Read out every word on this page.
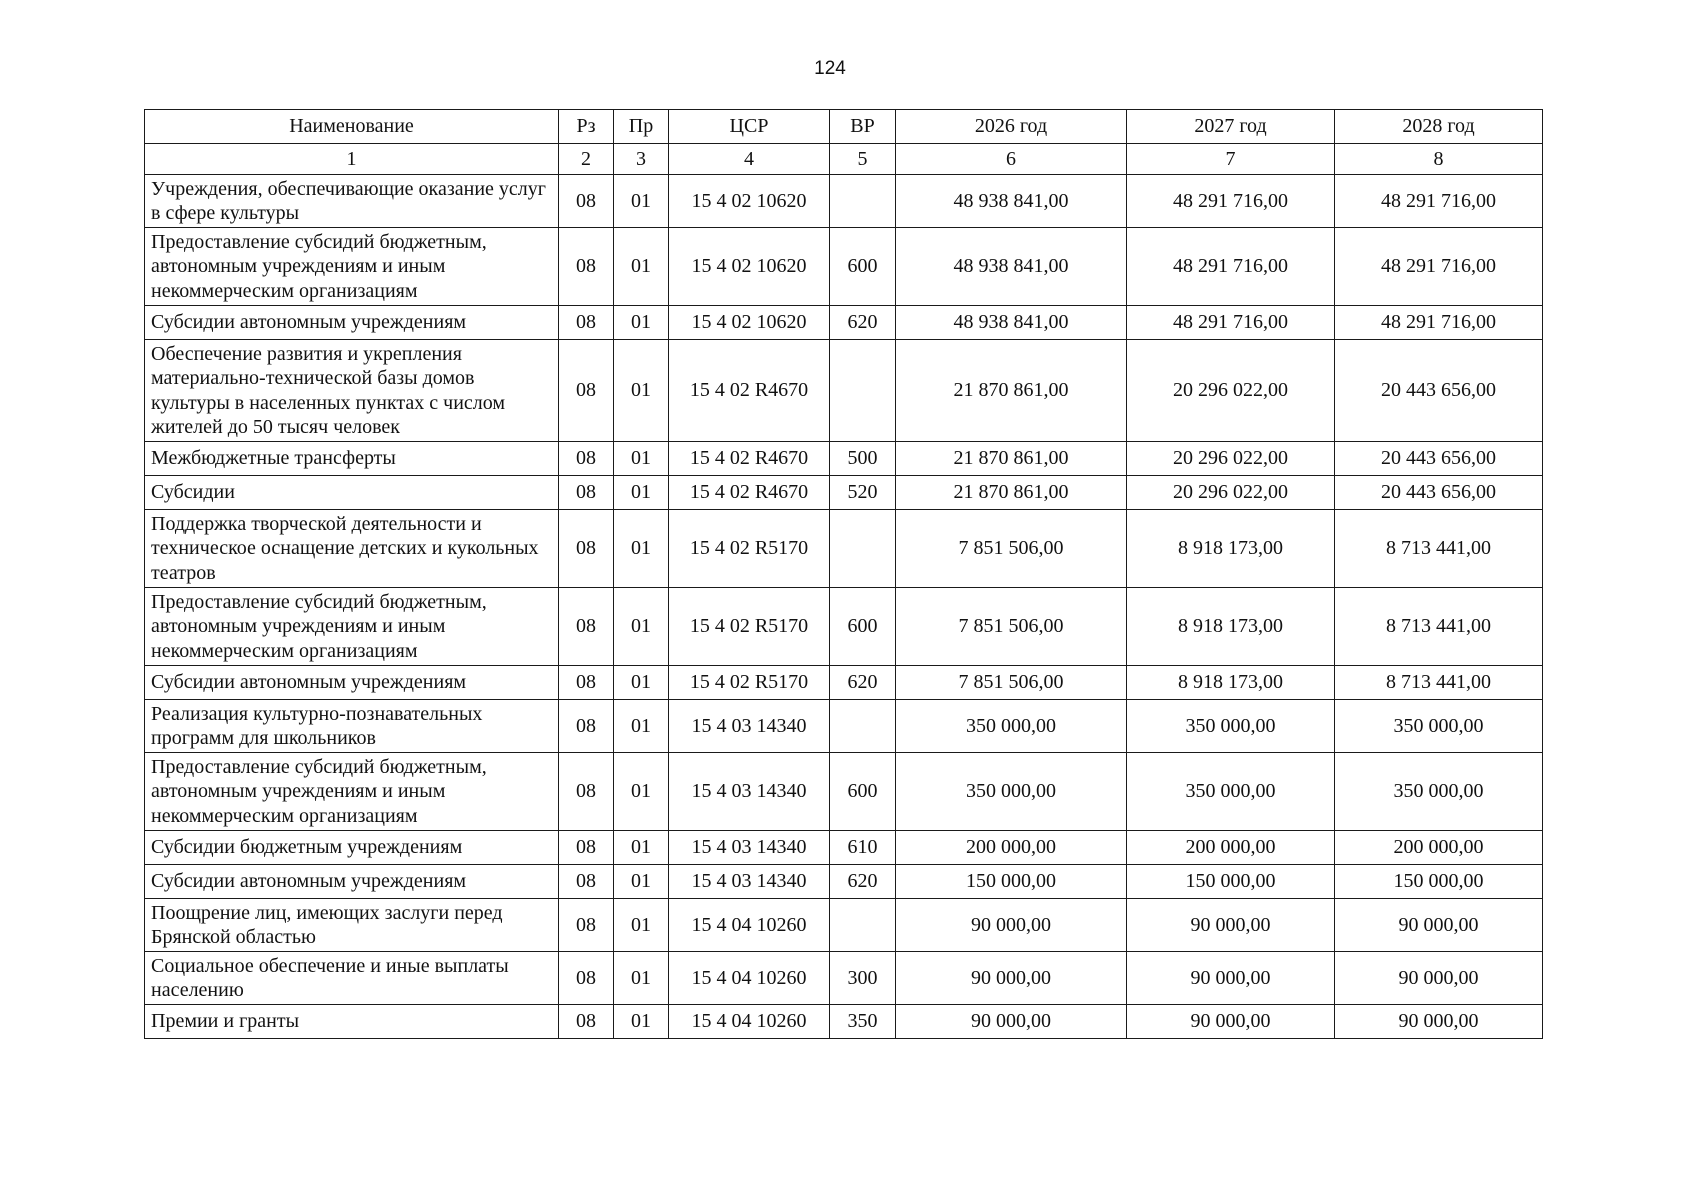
124
Наименование	Рз	Пр	ЦСР	ВР	2026 год	2027 год	2028 год
1	2	3	4	5	6	7	8
Учреждения, обеспечивающие оказание услуг в сфере культуры	08	01	15 4 02 10620		48 938 841,00	48 291 716,00	48 291 716,00
Предоставление субсидий бюджетным, автономным учреждениям и иным некоммерческим организациям	08	01	15 4 02 10620	600	48 938 841,00	48 291 716,00	48 291 716,00
Субсидии автономным учреждениям	08	01	15 4 02 10620	620	48 938 841,00	48 291 716,00	48 291 716,00
Обеспечение развития и укрепления материально-технической базы домов культуры в населенных пунктах с числом жителей до 50 тысяч человек	08	01	15 4 02 R4670		21 870 861,00	20 296 022,00	20 443 656,00
Межбюджетные трансферты	08	01	15 4 02 R4670	500	21 870 861,00	20 296 022,00	20 443 656,00
Субсидии	08	01	15 4 02 R4670	520	21 870 861,00	20 296 022,00	20 443 656,00
Поддержка творческой деятельности и техническое оснащение детских и кукольных театров	08	01	15 4 02 R5170		7 851 506,00	8 918 173,00	8 713 441,00
Предоставление субсидий бюджетным, автономным учреждениям и иным некоммерческим организациям	08	01	15 4 02 R5170	600	7 851 506,00	8 918 173,00	8 713 441,00
Субсидии автономным учреждениям	08	01	15 4 02 R5170	620	7 851 506,00	8 918 173,00	8 713 441,00
Реализация культурно-познавательных программ для школьников	08	01	15 4 03 14340		350 000,00	350 000,00	350 000,00
Предоставление субсидий бюджетным, автономным учреждениям и иным некоммерческим организациям	08	01	15 4 03 14340	600	350 000,00	350 000,00	350 000,00
Субсидии бюджетным учреждениям	08	01	15 4 03 14340	610	200 000,00	200 000,00	200 000,00
Субсидии автономным учреждениям	08	01	15 4 03 14340	620	150 000,00	150 000,00	150 000,00
Поощрение лиц, имеющих заслуги перед Брянской областью	08	01	15 4 04 10260		90 000,00	90 000,00	90 000,00
Социальное обеспечение и иные выплаты населению	08	01	15 4 04 10260	300	90 000,00	90 000,00	90 000,00
Премии и гранты	08	01	15 4 04 10260	350	90 000,00	90 000,00	90 000,00
